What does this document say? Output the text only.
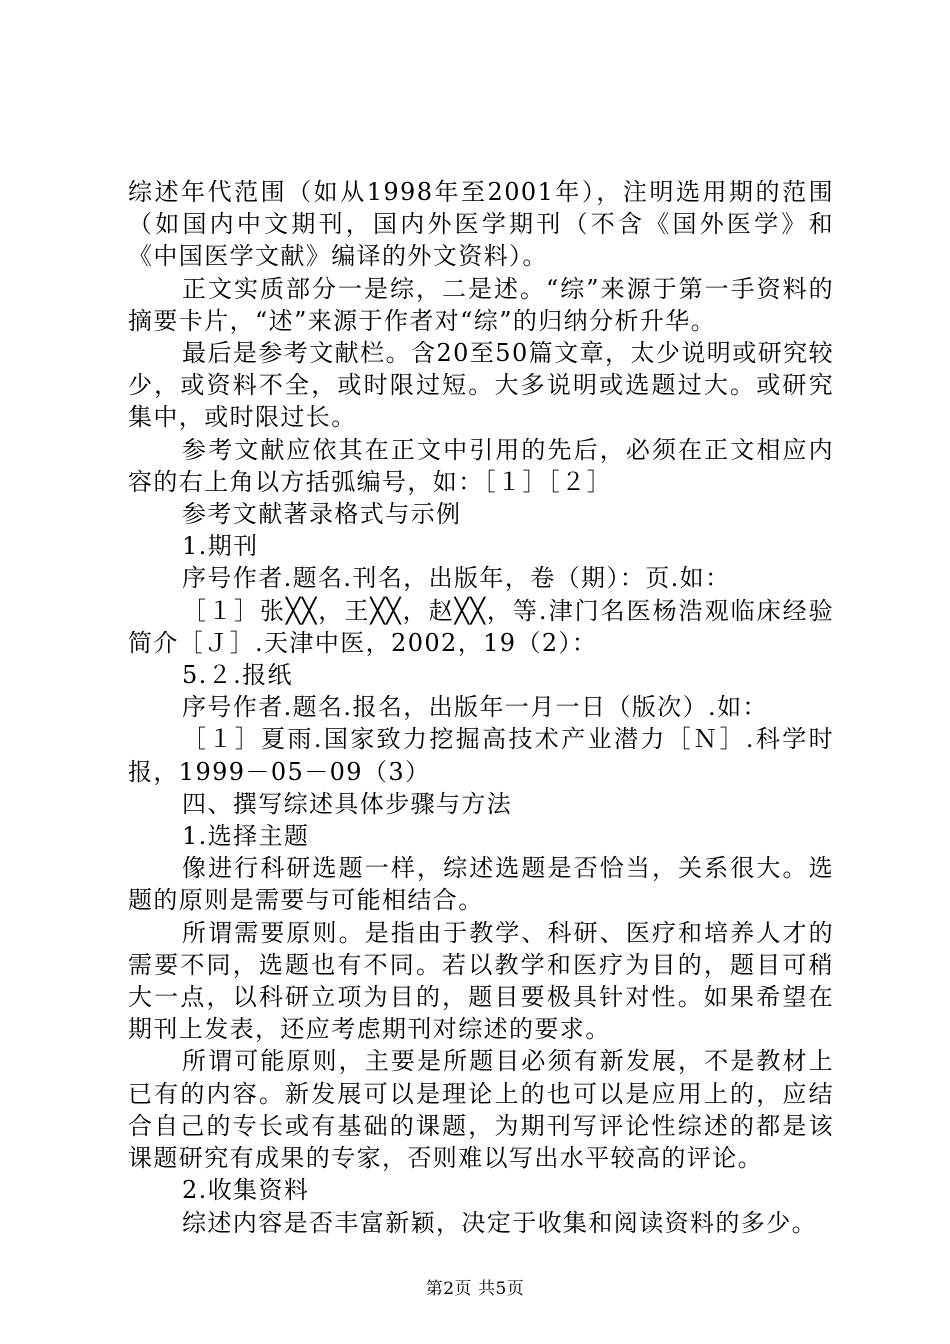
综述年代范围（如从1998年至2001年），注明选用期的范围（如国内中文期刊，国内外医学期刊（不含《国外医学》和《中国医学文献》编译的外文资料）。

正文实质部分一是综，二是述。“综”来源于第一手资料的摘要卡片，“述”来源于作者对“综”的归纳分析升华。

最后是参考文献栏。含20至50篇文章，太少说明或研究较少，或资料不全，或时限过短。大多说明或选题过大。或研究集中，或时限过长。

参考文献应依其在正文中引用的先后，必须在正文相应内容的右上角以方括弧编号，如：［１］［２］

参考文献著录格式与示例

1.期刊

序号作者.题名.刊名，出版年，卷（期）：页.如：

［１］张╳╳，王╳╳，赵╳╳，等.津门名医杨浩观临床经验简介［Ｊ］.天津中医，2002，19（2）：

5.２.报纸

序号作者.题名.报名，出版年一月一日（版次）.如：

［１］夏雨.国家致力挖掘高技术产业潜力［Ｎ］.科学时报，1999－05－09（3）

四、撰写综述具体步骤与方法

1.选择主题

像进行科研选题一样，综述选题是否恰当，关系很大。选题的原则是需要与可能相结合。

所谓需要原则。是指由于教学、科研、医疗和培养人才的需要不同，选题也有不同。若以教学和医疗为目的，题目可稍大一点，以科研立项为目的，题目要极具针对性。如果希望在期刊上发表，还应考虑期刊对综述的要求。

所谓可能原则，主要是所题目必须有新发展，不是教材上已有的内容。新发展可以是理论上的也可以是应用上的，应结合自己的专长或有基础的课题，为期刊写评论性综述的都是该课题研究有成果的专家，否则难以写出水平较高的评论。

2.收集资料

综述内容是否丰富新颖，决定于收集和阅读资料的多少。

第2页 共5页
